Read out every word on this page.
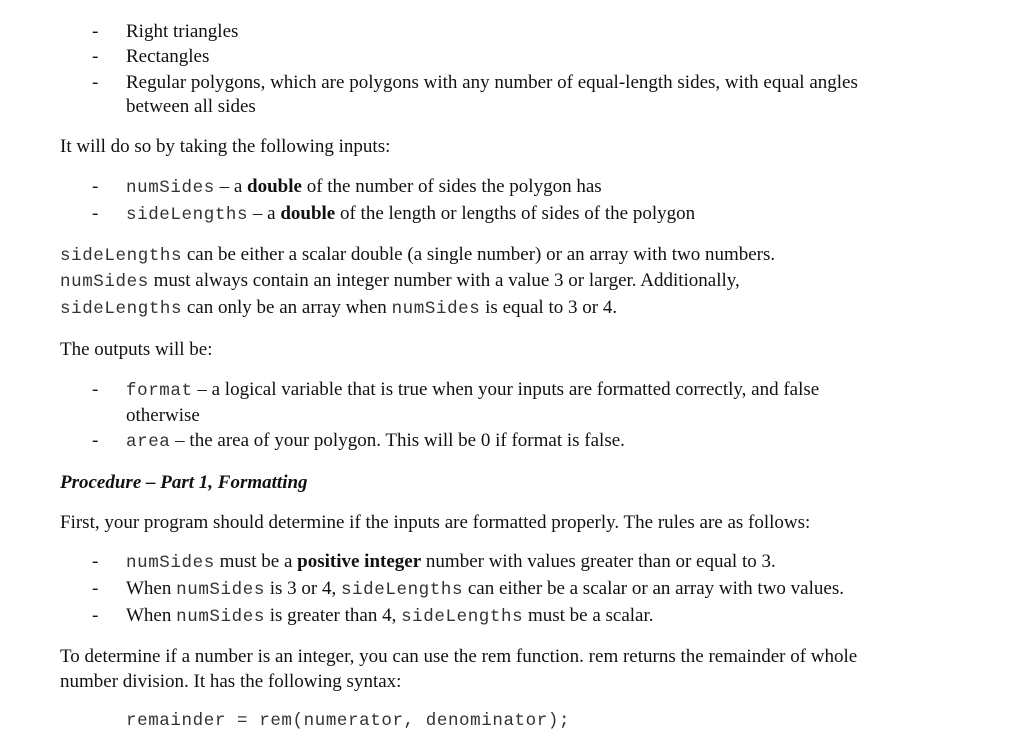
- Right triangles
- Rectangles
- Regular polygons, which are polygons with any number of equal-length sides, with equal angles
between all sides
It will do so by taking the following inputs:
- numSides – a double of the number of sides the polygon has
- sideLengths – a double of the length or lengths of sides of the polygon
sideLengths can be either a scalar double (a single number) or an array with two numbers.
numSides must always contain an integer number with a value 3 or larger. Additionally,
sideLengths can only be an array when numSides is equal to 3 or 4.
The outputs will be:
- format – a logical variable that is true when your inputs are formatted correctly, and false
otherwise
- area – the area of your polygon. This will be 0 if format is false.
Procedure – Part 1, Formatting
First, your program should determine if the inputs are formatted properly. The rules are as follows:
- numSides must be a positive integer number with values greater than or equal to 3.
- When numSides is 3 or 4, sideLengths can either be a scalar or an array with two values.
- When numSides is greater than 4, sideLengths must be a scalar.
To determine if a number is an integer, you can use the rem function. rem returns the remainder of whole
number division. It has the following syntax:
remainder = rem(numerator, denominator);
